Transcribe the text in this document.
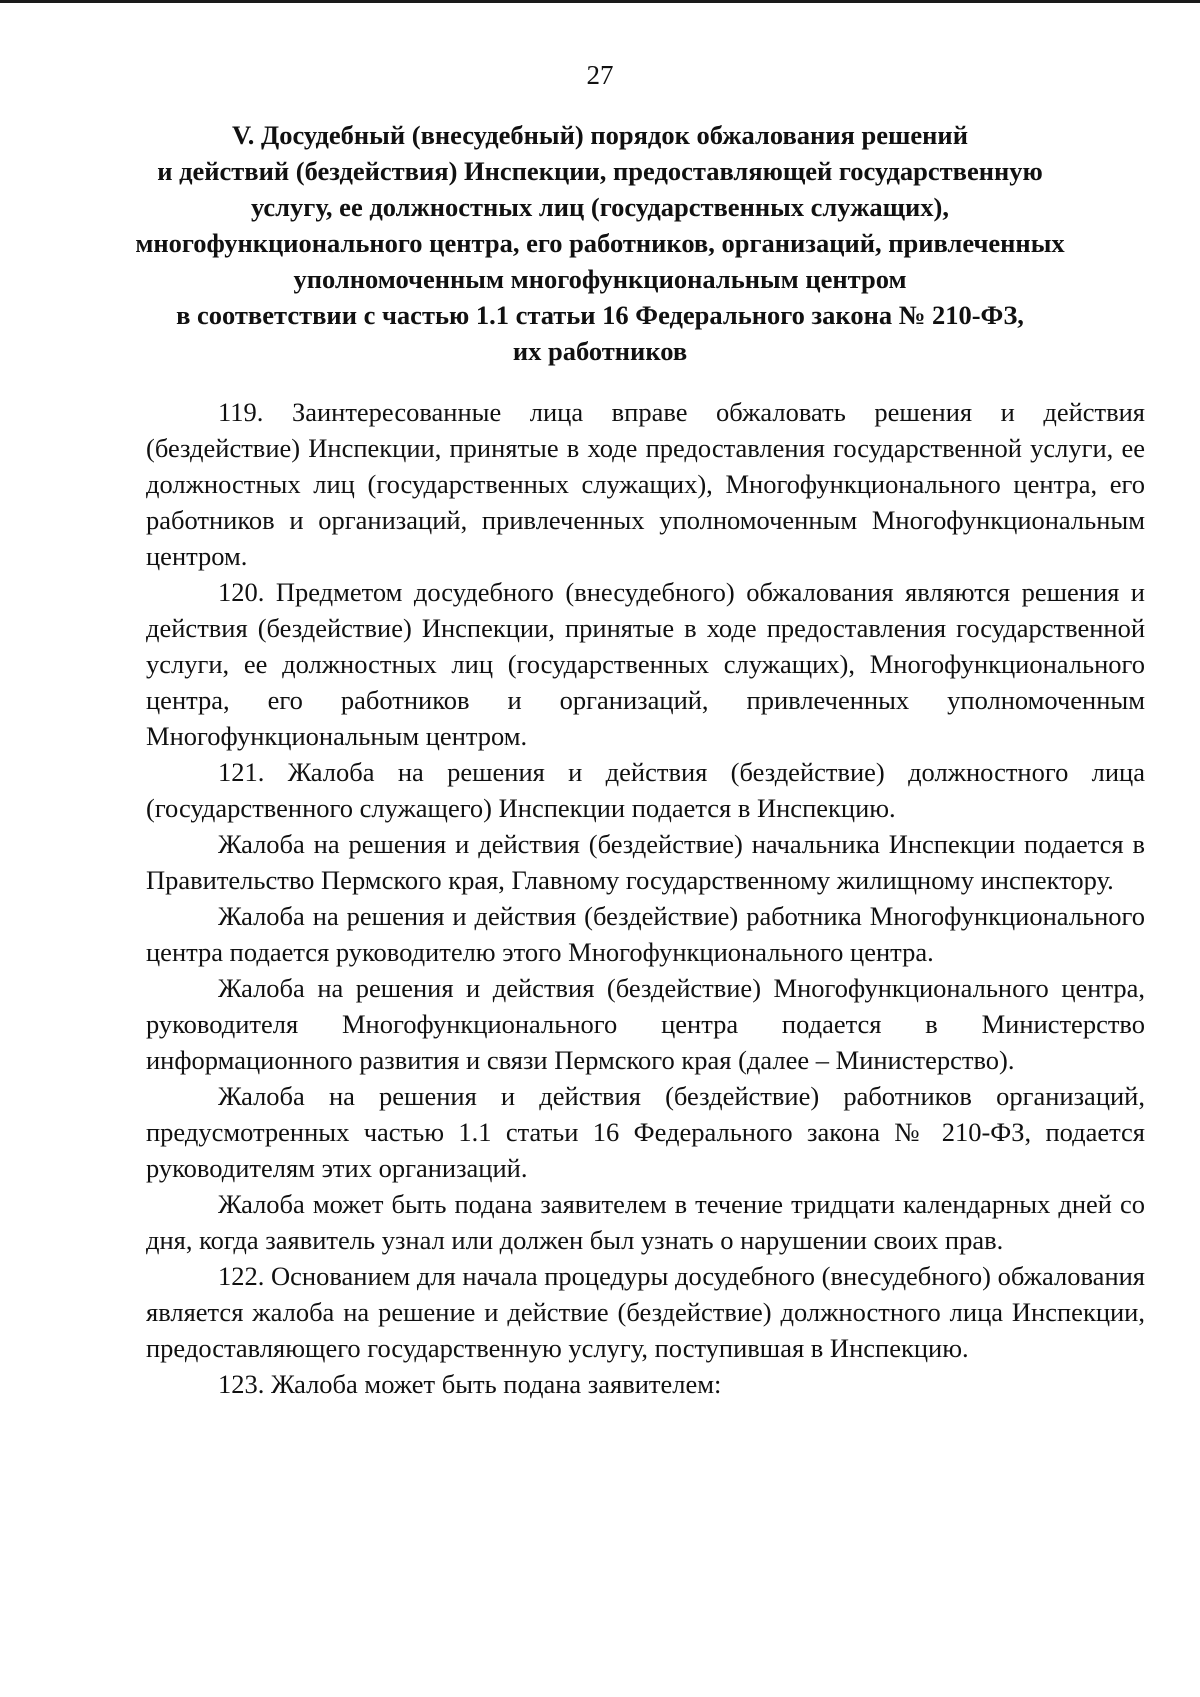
27
V. Досудебный (внесудебный) порядок обжалования решений
и действий (бездействия) Инспекции, предоставляющей государственную
услугу, ее должностных лиц (государственных служащих),
многофункционального центра, его работников, организаций, привлеченных
уполномоченным многофункциональным центром
в соответствии с частью 1.1 статьи 16 Федерального закона № 210-ФЗ,
их работников

119. Заинтересованные лица вправе обжаловать решения и действия (бездействие) Инспекции, принятые в ходе предоставления государственной услуги, ее должностных лиц (государственных служащих), Многофункционального центра, его работников и организаций, привлеченных уполномоченным Многофункциональным центром.

120. Предметом досудебного (внесудебного) обжалования являются решения и действия (бездействие) Инспекции, принятые в ходе предоставления государственной услуги, ее должностных лиц (государственных служащих), Многофункционального центра, его работников и организаций, привлеченных уполномоченным Многофункциональным центром.

121. Жалоба на решения и действия (бездействие) должностного лица (государственного служащего) Инспекции подается в Инспекцию.

Жалоба на решения и действия (бездействие) начальника Инспекции подается в Правительство Пермского края, Главному государственному жилищному инспектору.

Жалоба на решения и действия (бездействие) работника Многофункционального центра подается руководителю этого Многофункционального центра.

Жалоба на решения и действия (бездействие) Многофункционального центра, руководителя Многофункционального центра подается в Министерство информационного развития и связи Пермского края (далее – Министерство).

Жалоба на решения и действия (бездействие) работников организаций, предусмотренных частью 1.1 статьи 16 Федерального закона № 210-ФЗ, подается руководителям этих организаций.

Жалоба может быть подана заявителем в течение тридцати календарных дней со дня, когда заявитель узнал или должен был узнать о нарушении своих прав.

122. Основанием для начала процедуры досудебного (внесудебного) обжалования является жалоба на решение и действие (бездействие) должностного лица Инспекции, предоставляющего государственную услугу, поступившая в Инспекцию.

123. Жалоба может быть подана заявителем:
